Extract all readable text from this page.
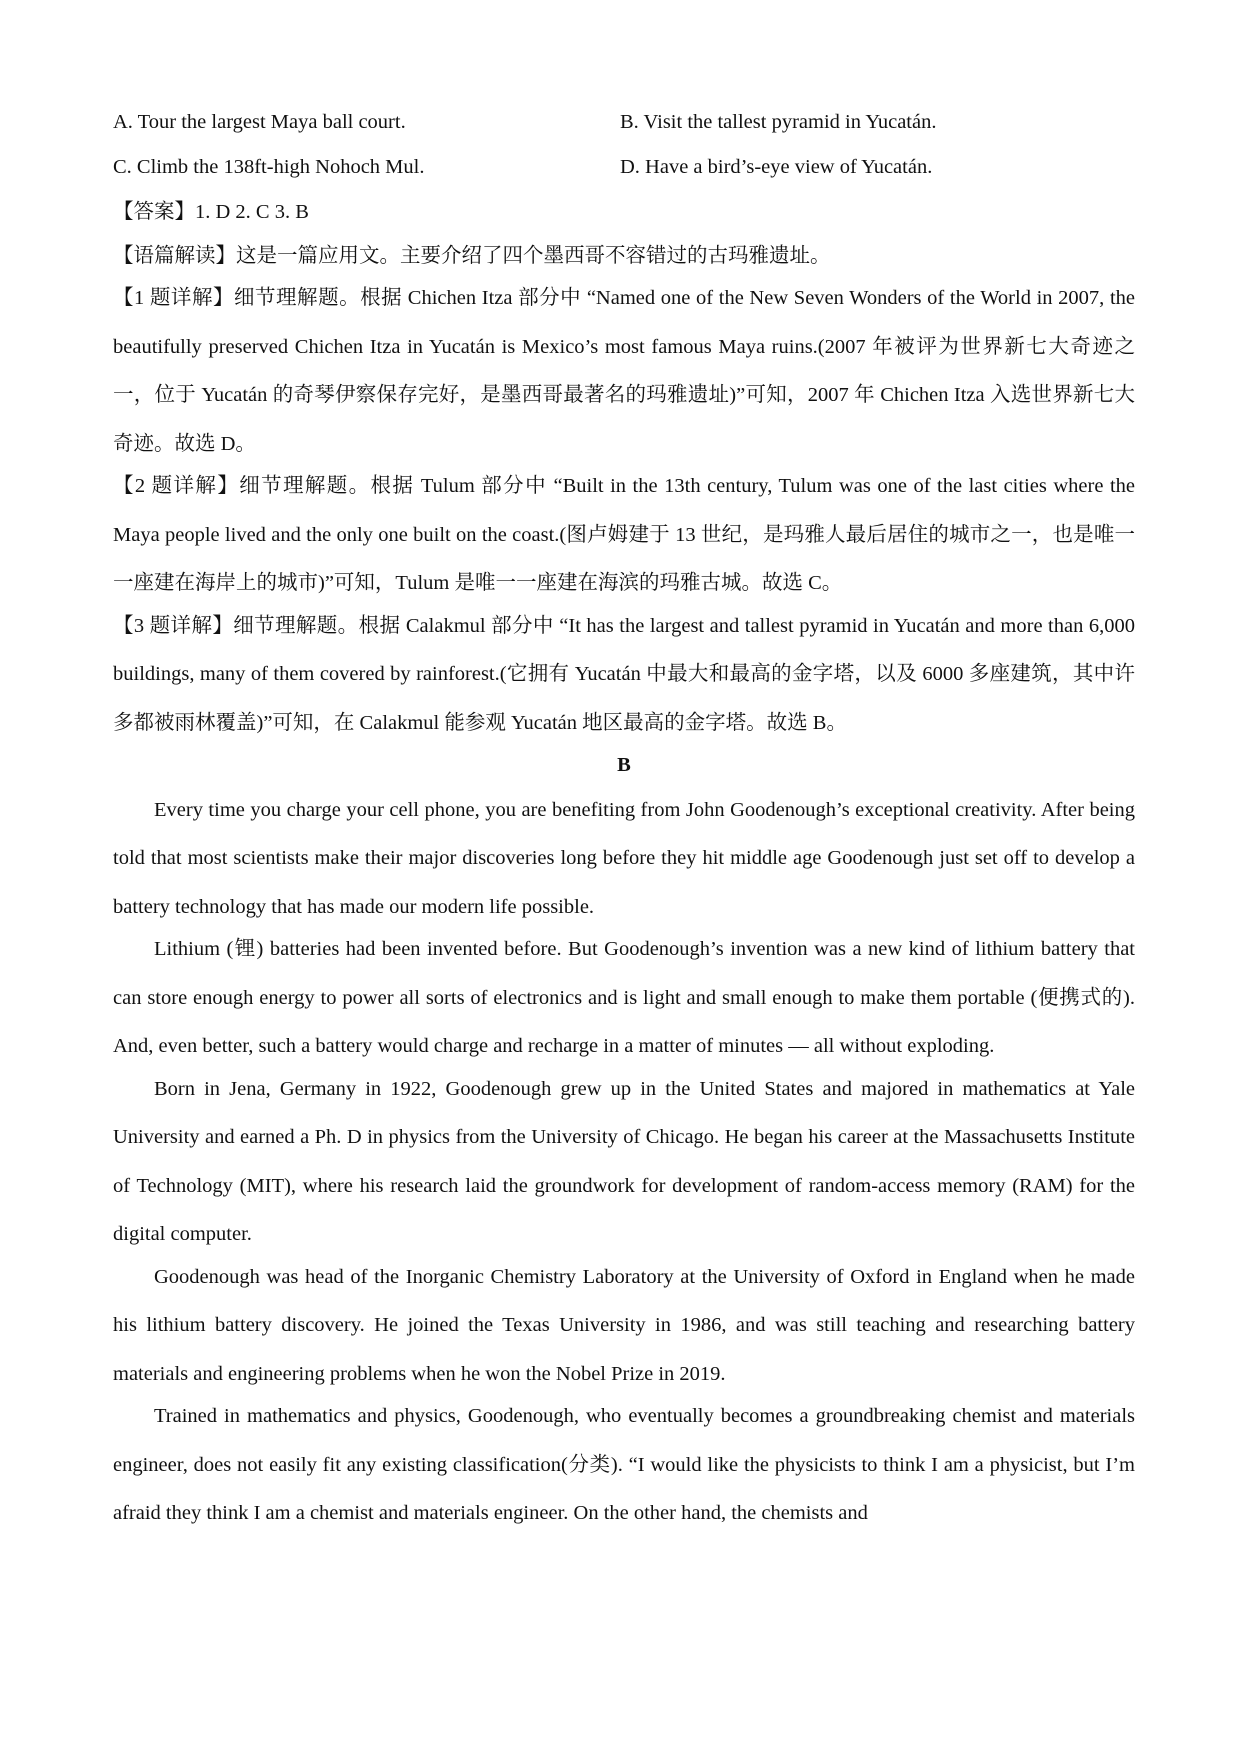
A. Tour the largest Maya ball court.	B. Visit the tallest pyramid in Yucatán.
C. Climb the 138ft-high Nohoch Mul.	D. Have a bird’s-eye view of Yucatán.
【答案】1. D 2. C 3. B
【语篇解读】这是一篇应用文。主要介绍了四个墨西哥不容错过的古玛雅遗址。

【1 题详解】细节理解题。根据 Chichen Itza 部分中 “Named one of the New Seven Wonders of the World in 2007, the beautifully preserved Chichen Itza in Yucatán is Mexico’s most famous Maya ruins.(2007 年被评为世界新七大奇迹之一，位于 Yucatán 的奇琴伊察保存完好，是墨西哥最著名的玛雅遗址)”可知，2007 年 Chichen Itza 入选世界新七大奇迹。故选 D。

【2 题详解】细节理解题。根据 Tulum 部分中 “Built in the 13th century, Tulum was one of the last cities where the Maya people lived and the only one built on the coast.(图卢姆建于 13 世纪，是玛雅人最后居住的城市之一，也是唯一一座建在海岸上的城市)”可知，Tulum 是唯一一座建在海滨的玛雅古城。故选 C。

【3 题详解】细节理解题。根据 Calakmul 部分中 “It has the largest and tallest pyramid in Yucatán and more than 6,000 buildings, many of them covered by rainforest.(它拥有 Yucatán 中最大和最高的金字塔，以及 6000 多座建筑，其中许多都被雨林覆盖)”可知，在 Calakmul 能参观 Yucatán 地区最高的金字塔。故选 B。

B

Every time you charge your cell phone, you are benefiting from John Goodenough’s exceptional creativity. After being told that most scientists make their major discoveries long before they hit middle age Goodenough just set off to develop a battery technology that has made our modern life possible.

Lithium (锂) batteries had been invented before. But Goodenough’s invention was a new kind of lithium battery that can store enough energy to power all sorts of electronics and is light and small enough to make them portable (便携式的). And, even better, such a battery would charge and recharge in a matter of minutes — all without exploding.

Born in Jena, Germany in 1922, Goodenough grew up in the United States and majored in mathematics at Yale University and earned a Ph. D in physics from the University of Chicago. He began his career at the Massachusetts Institute of Technology (MIT), where his research laid the groundwork for development of random-access memory (RAM) for the digital computer.

Goodenough was head of the Inorganic Chemistry Laboratory at the University of Oxford in England when he made his lithium battery discovery. He joined the Texas University in 1986, and was still teaching and researching battery materials and engineering problems when he won the Nobel Prize in 2019.

Trained in mathematics and physics, Goodenough, who eventually becomes a groundbreaking chemist and materials engineer, does not easily fit any existing classification(分类). “I would like the physicists to think I am a physicist, but I’m afraid they think I am a chemist and materials engineer. On the other hand, the chemists and
